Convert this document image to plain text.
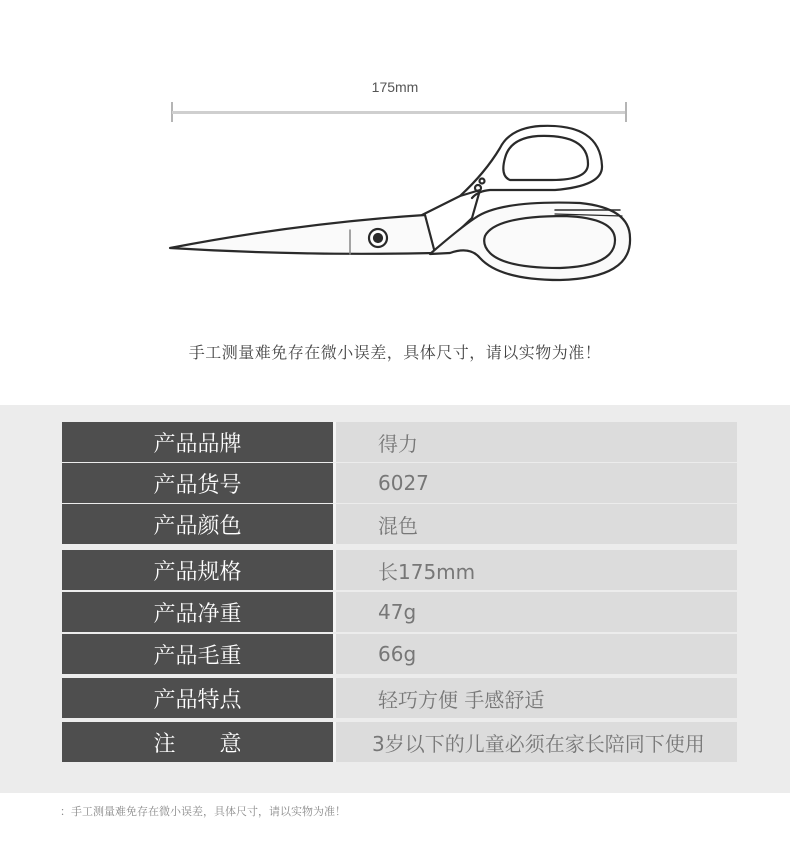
175mm
手工测量难免存在微小误差，具体尺寸，请以实物为准！
产品品牌	得力
产品货号	6027
产品颜色	混色
产品规格	长175mm
产品净重	47g
产品毛重	66g
产品特点	轻巧方便 手感舒适
注　　意	3岁以下的儿童必须在家长陪同下使用
：手工测量难免存在微小误差，具体尺寸，请以实物为准！
